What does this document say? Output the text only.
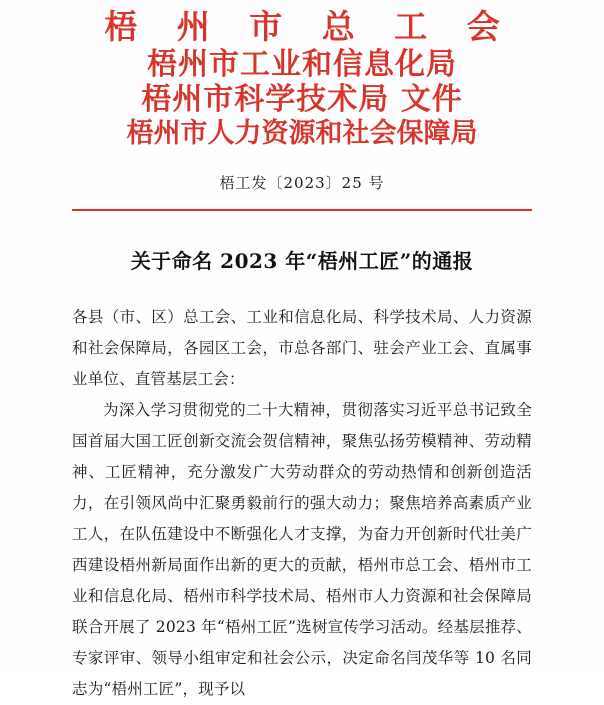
梧 州 市 总 工 会
梧州市工业和信息化局
梧州市科学技术局 文件
梧州市人力资源和社会保障局
梧工发〔2023〕25 号
关于命名 2023 年“梧州工匠”的通报

各县（市、区）总工会、工业和信息化局、科学技术局、人力资源和社会保障局，各园区工会，市总各部门、驻会产业工会、直属事业单位、直管基层工会：

为深入学习贯彻党的二十大精神，贯彻落实习近平总书记致全国首届大国工匠创新交流会贺信精神，聚焦弘扬劳模精神、劳动精神、工匠精神，充分激发广大劳动群众的劳动热情和创新创造活力，在引领风尚中汇聚勇毅前行的强大动力；聚焦培养高素质产业工人，在队伍建设中不断强化人才支撑，为奋力开创新时代壮美广西建设梧州新局面作出新的更大的贡献，梧州市总工会、梧州市工业和信息化局、梧州市科学技术局、梧州市人力资源和社会保障局联合开展了 2023 年“梧州工匠”选树宣传学习活动。经基层推荐、专家评审、领导小组审定和社会公示，决定命名闫茂华等 10 名同志为“梧州工匠”，现予以
